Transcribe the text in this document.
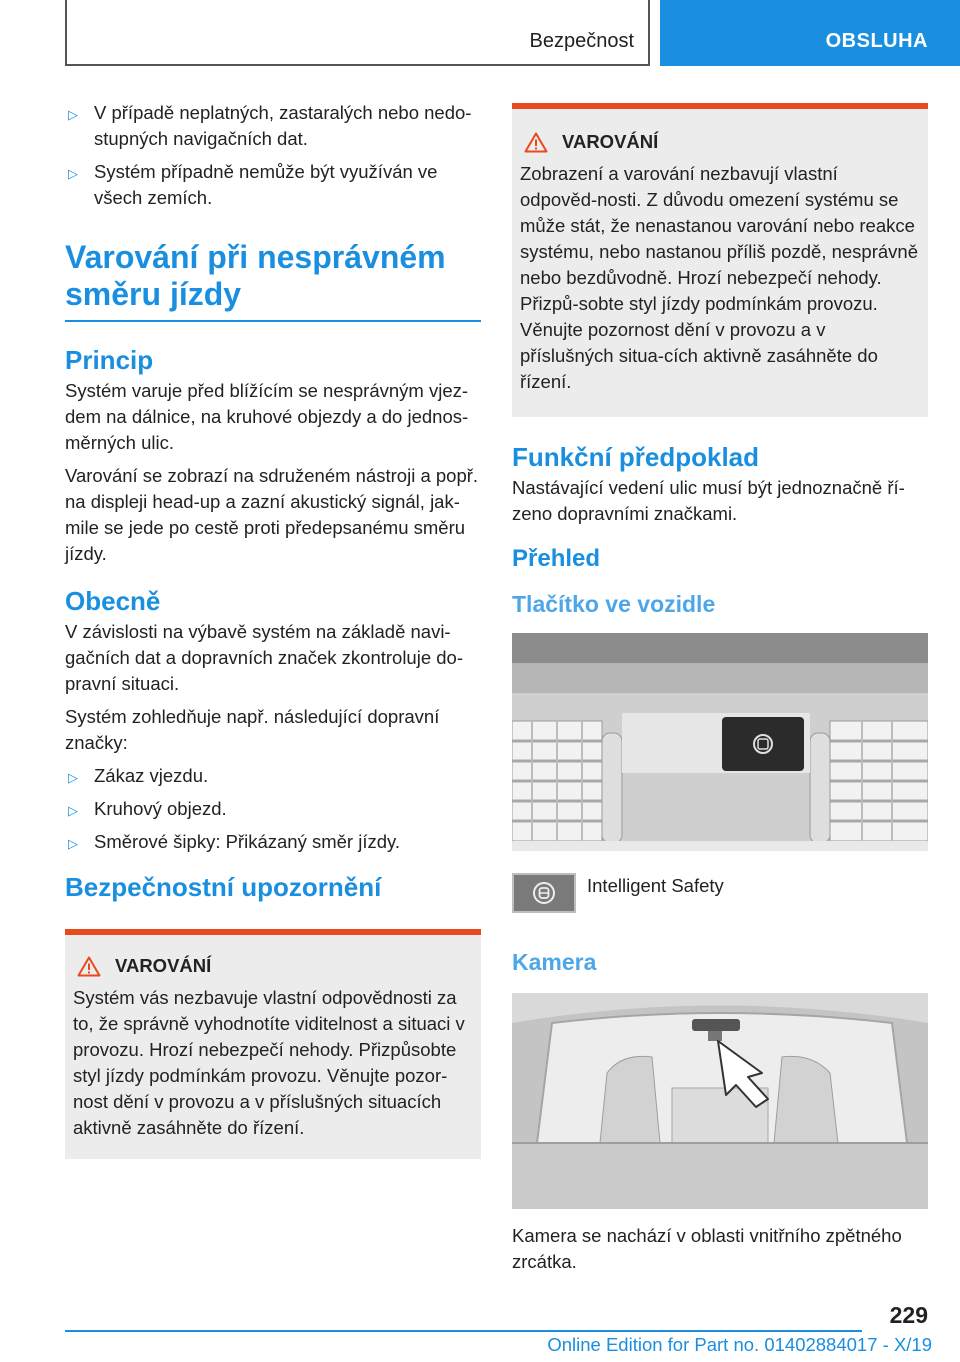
Bezpečnost	OBSLUHA
▷ V případě neplatných, zastaralých nebo nedo-stupných navigačních dat.
▷ Systém případně nemůže být využíván ve všech zemích.
Varování při nesprávném směru jízdy
Princip

Systém varuje před blížícím se nesprávným vjez-dem na dálnice, na kruhové objezdy a do jednos-měrných ulic.

Varování se zobrazí na sdruženém nástroji a popř. na displeji head-up a zazní akustický signál, jak-mile se jede po cestě proti předepsanému směru jízdy.

Obecně

V závislosti na výbavě systém na základě navi-gačních dat a dopravních značek zkontroluje do-pravní situaci.

Systém zohledňuje např. následující dopravní značky:

▷ Zákaz vjezdu.
▷ Kruhový objezd.
▷ Směrové šipky: Přikázaný směr jízdy.
Bezpečnostní upozornění
VAROVÁNÍ

Systém vás nezbavuje vlastní odpovědnosti za to, že správně vyhodnotíte viditelnost a situaci v provozu. Hrozí nebezpečí nehody. Přizpůsobte styl jízdy podmínkám provozu. Věnujte pozor-nost dění v provozu a v příslušných situacích aktivně zasáhněte do řízení.

VAROVÁNÍ

Zobrazení a varování nezbavují vlastní odpověd-nosti. Z důvodu omezení systému se může stát, že nenastanou varování nebo reakce systému, nebo nastanou příliš pozdě, nesprávně nebo bezdůvodně. Hrozí nebezpečí nehody. Přizpů-sobte styl jízdy podmínkám provozu. Věnujte pozornost dění v provozu a v příslušných situa-cích aktivně zasáhněte do řízení.

Funkční předpoklad

Nastávající vedení ulic musí být jednoznačně ří-zeno dopravními značkami.

Přehled
Tlačítko ve vozidle
Intelligent Safety
Kamera

Kamera se nachází v oblasti vnitřního zpětného zrcátka.

229
Online Edition for Part no. 01402884017 - X/19
